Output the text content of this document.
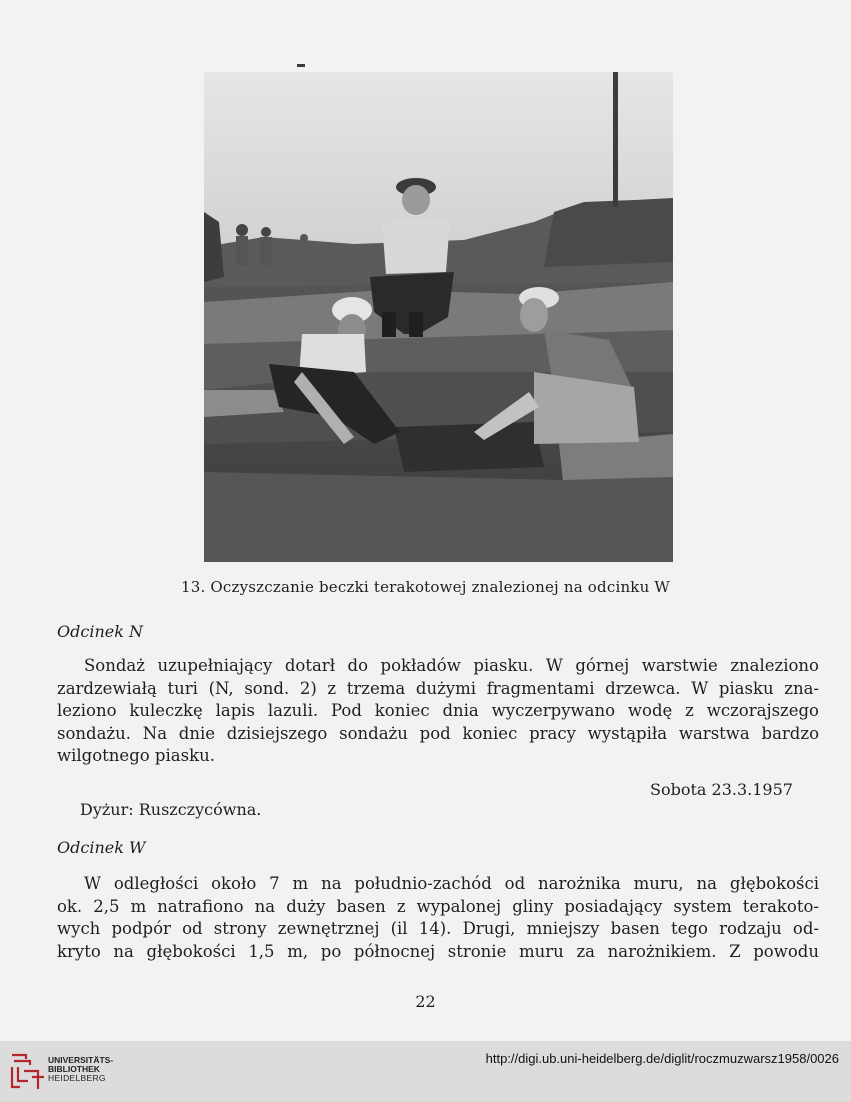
13. Oczyszczanie beczki terakotowej znalezionej na odcinku W
Odcinek N
Sondaż uzupełniający dotarł do pokładów piasku. W górnej warstwie znaleziono
zardzewiałą turi (N, sond. 2) z trzema dużymi fragmentami drzewca. W piasku zna-
leziono kuleczkę lapis lazuli. Pod koniec dnia wyczerpywano wodę z wczorajszego
sondażu. Na dnie dzisiejszego sondażu pod koniec pracy wystąpiła warstwa bardzo
wilgotnego piasku.
Sobota 23.3.1957
Dyżur: Ruszczycówna.
Odcinek W
W odległości około 7 m na południo-zachód od narożnika muru, na głębokości
ok. 2,5 m natrafiono na duży basen z wypalonej gliny posiadający system terakoto-
wych podpór od strony zewnętrznej (il 14). Drugi, mniejszy basen tego rodzaju od-
kryto na głębokości 1,5 m, po północnej stronie muru za narożnikiem. Z powodu
22
UNIVERSITÄTS-
BIBLIOTHEK
HEIDELBERG
http://digi.ub.uni-heidelberg.de/diglit/roczmuzwarsz1958/0026
